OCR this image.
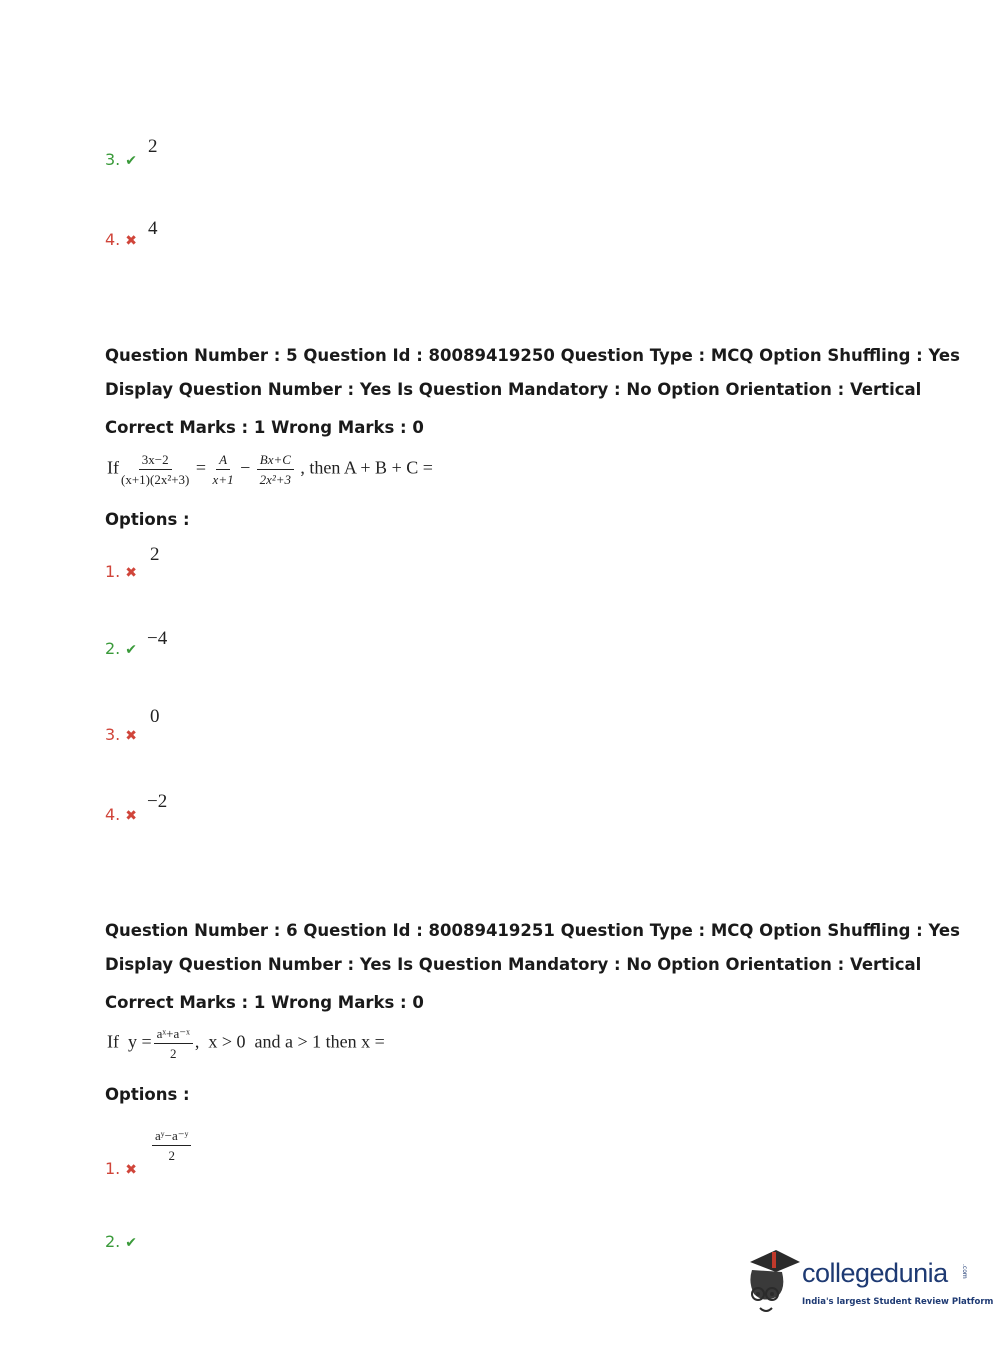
3. ✔
2
4. ✖
4
Question Number : 5 Question Id : 80089419250 Question Type : MCQ Option Shuffling : Yes
Display Question Number : Yes Is Question Mandatory : No Option Orientation : Vertical
Correct Marks : 1 Wrong Marks : 0
If $\frac{3x-2}{\text{(x+1)(2x²+3)}} = \frac{A}{x+1} - \frac{Bx+C}{\text{2x²+3}}$ , then A + B + C =
Options :
1. ✖
2
2. ✔
−4
3. ✖
0
4. ✖
−2
Question Number : 6 Question Id : 80089419251 Question Type : MCQ Option Shuffling : Yes
Display Question Number : Yes Is Question Mandatory : No Option Orientation : Vertical
Correct Marks : 1 Wrong Marks : 0
If  $y = \frac{\text{aˣ+a⁻ˣ}}{2}$ ,  x > 0  and a > 1 then x =
Options :
1. ✖
$\frac{\text{aʸ−a⁻ʸ}}{2}$
2. ✔
collegedunia .com
India's largest Student Review Platform
